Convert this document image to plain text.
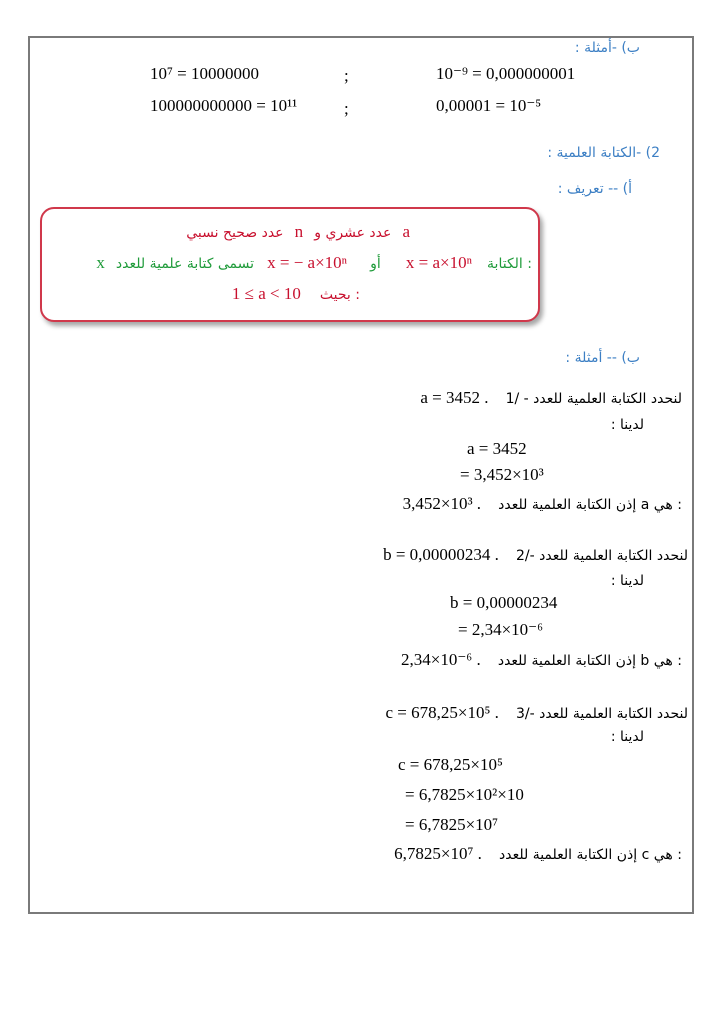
ب) -أمثلة :
10⁷ = 10000000	;	10⁻⁹ = 0,000000001
100000000000 = 10¹¹	;	0,00001 = 10⁻⁵
2) -الكتابة العلمية :
أ) -- تعريف :
عدد صحيح نسبي n عدد عشري و a
x تسمى كتابة علمية للعدد x = − a×10ⁿ أو x = a×10ⁿ الكتابة :
1 ≤ a < 10 بحيث :
ب) -- أمثلة :
a = 3452 . 1/ - لنحدد الكتابة العلمية للعدد
لدينا :
a = 3452
= 3,452×10³
3,452×10³ . إذن الكتابة العلمية للعدد a هي :
b = 0,00000234 . 2/- لنحدد الكتابة العلمية للعدد
لدينا :
b = 0,00000234
= 2,34×10⁻⁶
2,34×10⁻⁶ . إذن الكتابة العلمية للعدد b هي :
c = 678,25×10⁵ . 3/- لنحدد الكتابة العلمية للعدد
لدينا :
c = 678,25×10⁵
= 6,7825×10²×10
= 6,7825×10⁷
6,7825×10⁷ . إذن الكتابة العلمية للعدد c هي :
